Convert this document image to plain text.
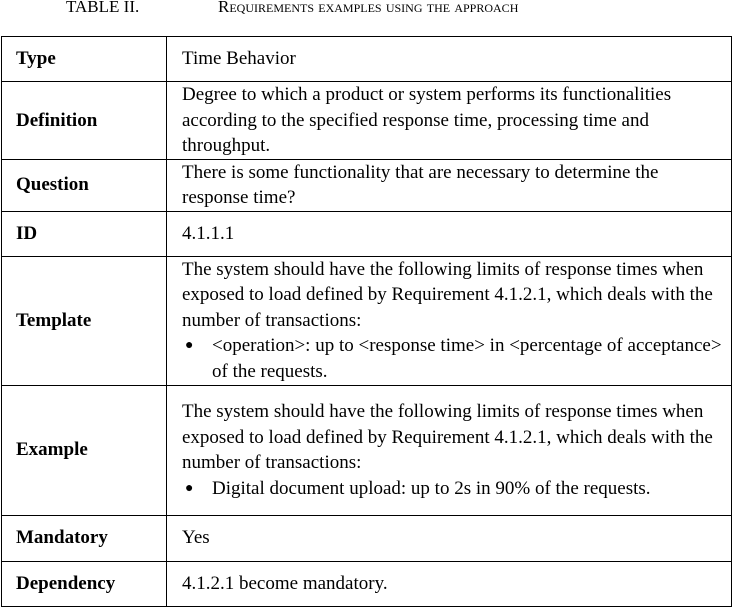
TABLE II.	Requirements examples using the approach
Type	Time Behavior
Definition	Degree to which a product or system performs its functionalities according to the specified response time, processing time and throughput.
Question	There is some functionality that are necessary to determine the response time?
ID	4.1.1.1
Template	The system should have the following limits of response times when exposed to load defined by Requirement 4.1.2.1, which deals with the number of transactions:
● <operation>: up to <response time> in <percentage of acceptance> of the requests.

Example	The system should have the following limits of response times when exposed to load defined by Requirement 4.1.2.1, which deals with the number of transactions:
● Digital document upload: up to 2s in 90% of the requests.

Mandatory	Yes
Dependency	4.1.2.1 become mandatory.
